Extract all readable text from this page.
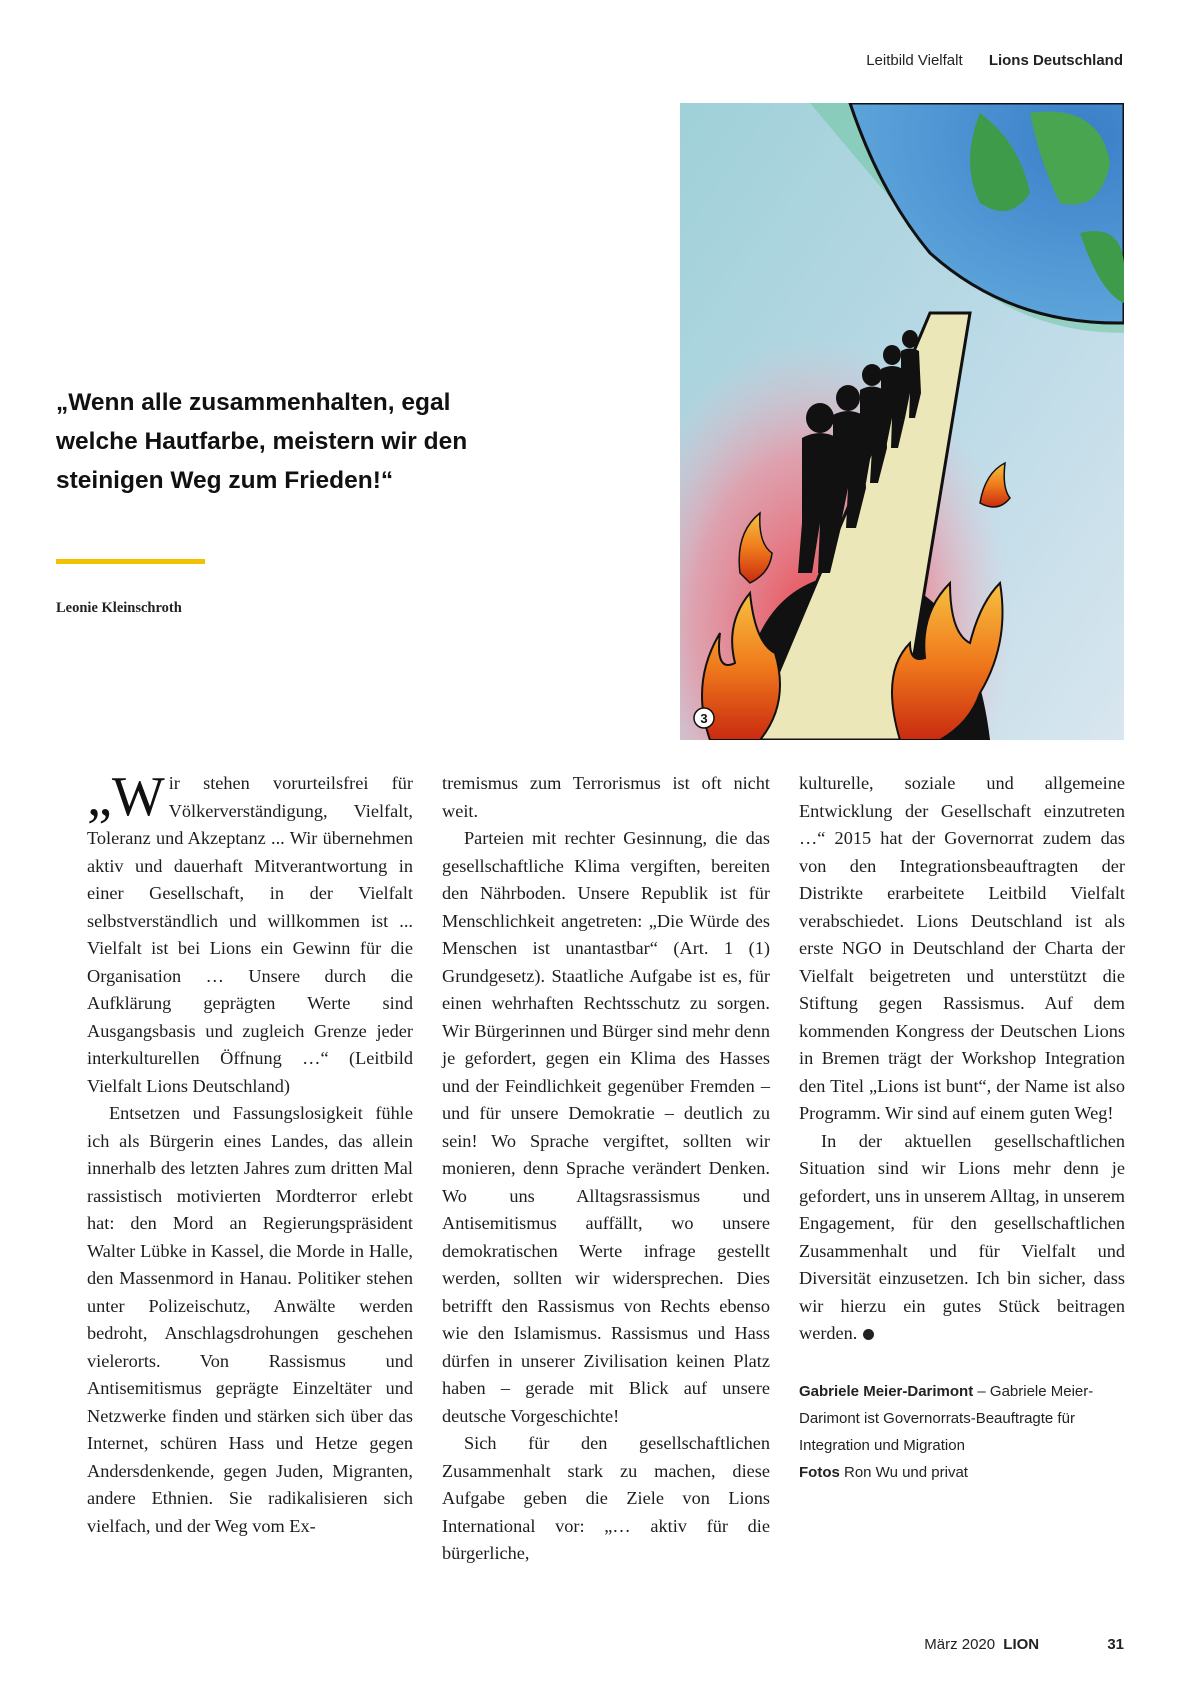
Leitbild Vielfalt Lions Deutschland
„Wenn alle zusammenhalten, egal welche Hautfarbe, meistern wir den steinigen Weg zum Frieden!“
Leonie Kleinschroth
3

„Wir stehen vorurteilsfrei für Völkerverständigung, Vielfalt, Toleranz und Akzeptanz ... Wir übernehmen aktiv und dauerhaft Mitverantwortung in einer Gesellschaft, in der Vielfalt selbstverständlich und willkommen ist ... Vielfalt ist bei Lions ein Gewinn für die Organisation … Unsere durch die Aufklärung geprägten Werte sind Ausgangsbasis und zugleich Grenze jeder interkulturellen Öffnung …“ (Leitbild Vielfalt Lions Deutschland)

Entsetzen und Fassungslosigkeit fühle ich als Bürgerin eines Landes, das allein innerhalb des letzten Jahres zum dritten Mal rassistisch motivierten Mordterror erlebt hat: den Mord an Regierungspräsident Walter Lübke in Kassel, die Morde in Halle, den Massenmord in Hanau. Politiker stehen unter Polizeischutz, Anwälte werden bedroht, Anschlagsdrohungen geschehen vielerorts. Von Rassismus und Antisemitismus geprägte Einzeltäter und Netzwerke finden und stärken sich über das Internet, schüren Hass und Hetze gegen Andersdenkende, gegen Juden, Migranten, andere Ethnien. Sie radikalisieren sich vielfach, und der Weg vom Ex-

tremismus zum Terrorismus ist oft nicht weit.

Parteien mit rechter Gesinnung, die das gesellschaftliche Klima vergiften, bereiten den Nährboden. Unsere Republik ist für Menschlichkeit angetreten: „Die Würde des Menschen ist unantastbar“ (Art. 1 (1) Grundgesetz). Staatliche Aufgabe ist es, für einen wehrhaften Rechtsschutz zu sorgen. Wir Bürgerinnen und Bürger sind mehr denn je gefordert, gegen ein Klima des Hasses und der Feindlichkeit gegenüber Fremden – und für unsere Demokratie – deutlich zu sein! Wo Sprache vergiftet, sollten wir monieren, denn Sprache verändert Denken. Wo uns Alltagsrassismus und Antisemitismus auffällt, wo unsere demokratischen Werte infrage gestellt werden, sollten wir widersprechen. Dies betrifft den Rassismus von Rechts ebenso wie den Islamismus. Rassismus und Hass dürfen in unserer Zivilisation keinen Platz haben – gerade mit Blick auf unsere deutsche Vorgeschichte!

Sich für den gesellschaftlichen Zusammenhalt stark zu machen, diese Aufgabe geben die Ziele von Lions International vor: „… aktiv für die bürgerliche,

kulturelle, soziale und allgemeine Entwicklung der Gesellschaft einzutreten …“ 2015 hat der Governorrat zudem das von den Integrationsbeauftragten der Distrikte erarbeitete Leitbild Vielfalt verabschiedet. Lions Deutschland ist als erste NGO in Deutschland der Charta der Vielfalt beigetreten und unterstützt die Stiftung gegen Rassismus. Auf dem kommenden Kongress der Deutschen Lions in Bremen trägt der Workshop Integration den Titel „Lions ist bunt“, der Name ist also Programm. Wir sind auf einem guten Weg!

In der aktuellen gesellschaftlichen Situation sind wir Lions mehr denn je gefordert, uns in unserem Alltag, in unserem Engagement, für den gesellschaftlichen Zusammenhalt und für Vielfalt und Diversität einzusetzen. Ich bin sicher, dass wir hierzu ein gutes Stück beitragen werden.

Gabriele Meier-Darimont – Gabriele Meier-Darimont ist Governorrats-Beauftragte für Integration und Migration
Fotos Ron Wu und privat
März 2020 LION	31
